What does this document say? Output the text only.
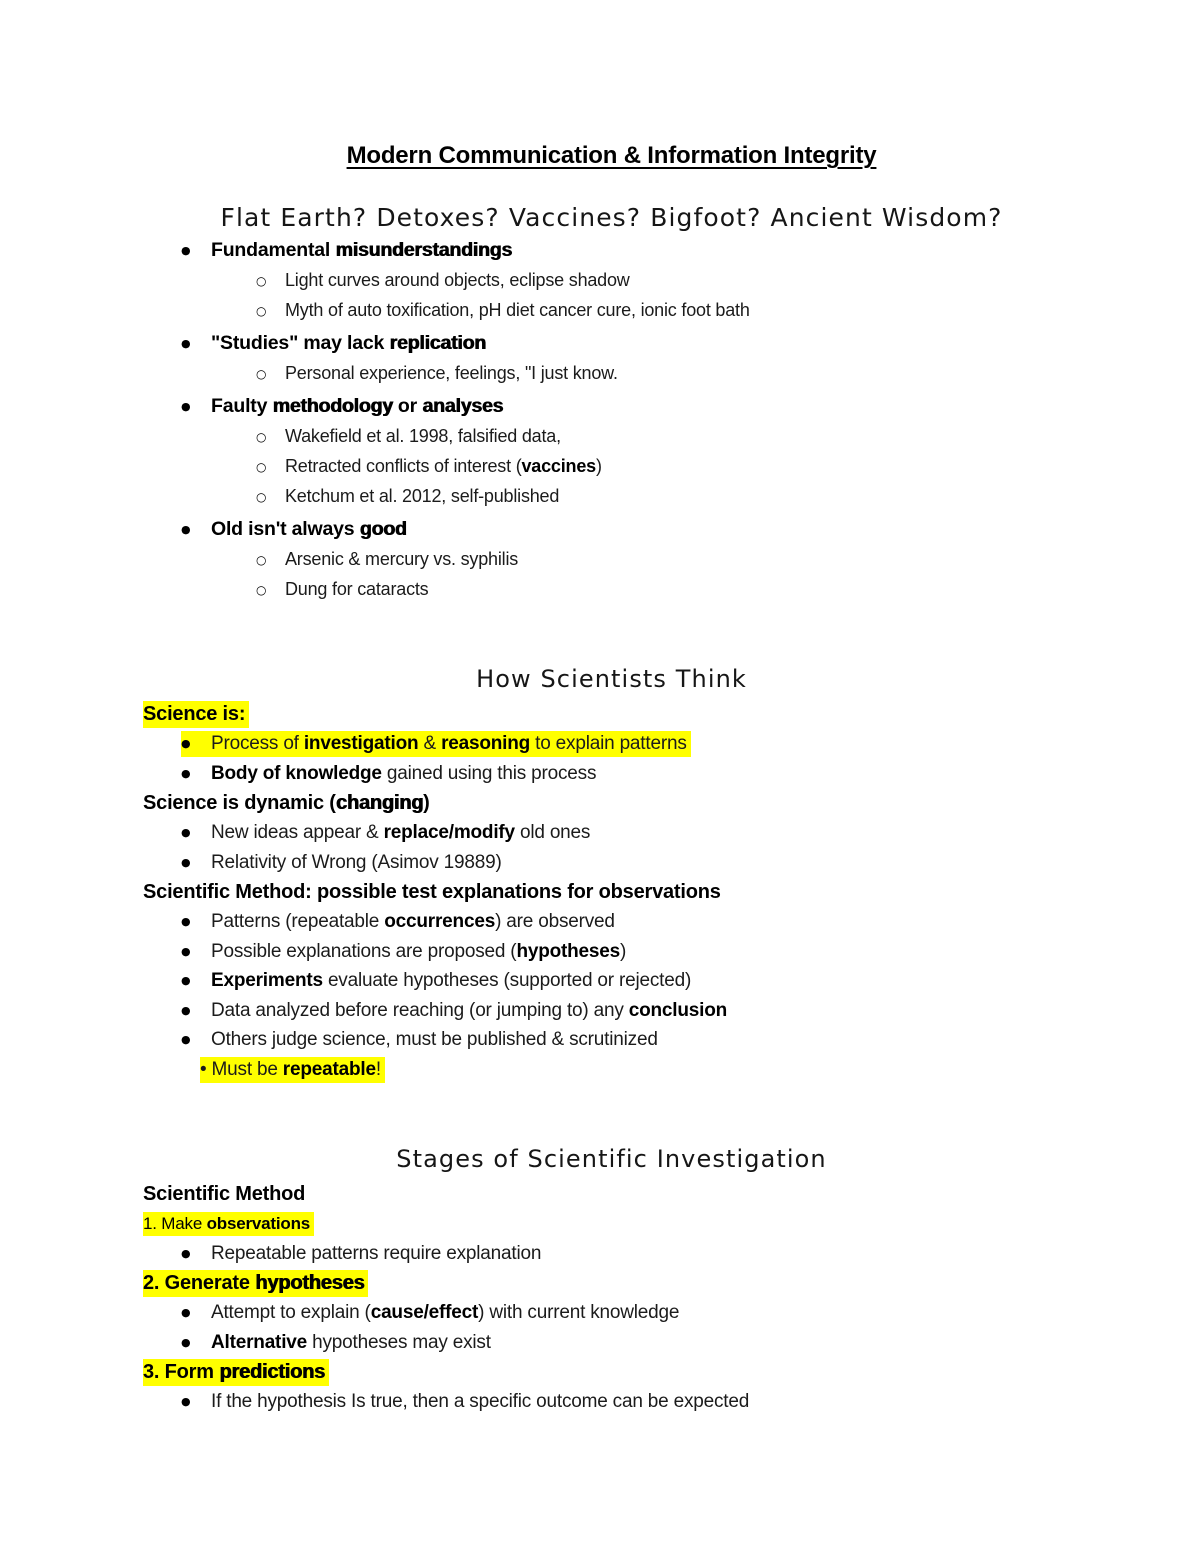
Modern Communication & Information Integrity
Flat Earth? Detoxes? Vaccines? Bigfoot? Ancient Wisdom?
● Fundamental misunderstandings
○ Light curves around objects, eclipse shadow
○ Myth of auto toxification, pH diet cancer cure, ionic foot bath
● "Studies" may lack replication
○ Personal experience, feelings, "I just know.
● Faulty methodology or analyses
○ Wakefield et al. 1998, falsified data,
○ Retracted conflicts of interest (vaccines)
○ Ketchum et al. 2012, self-published
● Old isn't always good
○ Arsenic & mercury vs. syphilis
○ Dung for cataracts
How Scientists Think
Science is:
● Process of investigation & reasoning to explain patterns
● Body of knowledge gained using this process
Science is dynamic (changing)
● New ideas appear & replace/modify old ones
● Relativity of Wrong (Asimov 19889)
Scientific Method: possible test explanations for observations
● Patterns (repeatable occurrences) are observed
● Possible explanations are proposed (hypotheses)
● Experiments evaluate hypotheses (supported or rejected)
● Data analyzed before reaching (or jumping to) any conclusion
● Others judge science, must be published & scrutinized
• Must be repeatable!
Stages of Scientific Investigation
Scientific Method
1. Make observations
● Repeatable patterns require explanation
2. Generate hypotheses
● Attempt to explain (cause/effect) with current knowledge
● Alternative hypotheses may exist
3. Form predictions
● If the hypothesis Is true, then a specific outcome can be expected
